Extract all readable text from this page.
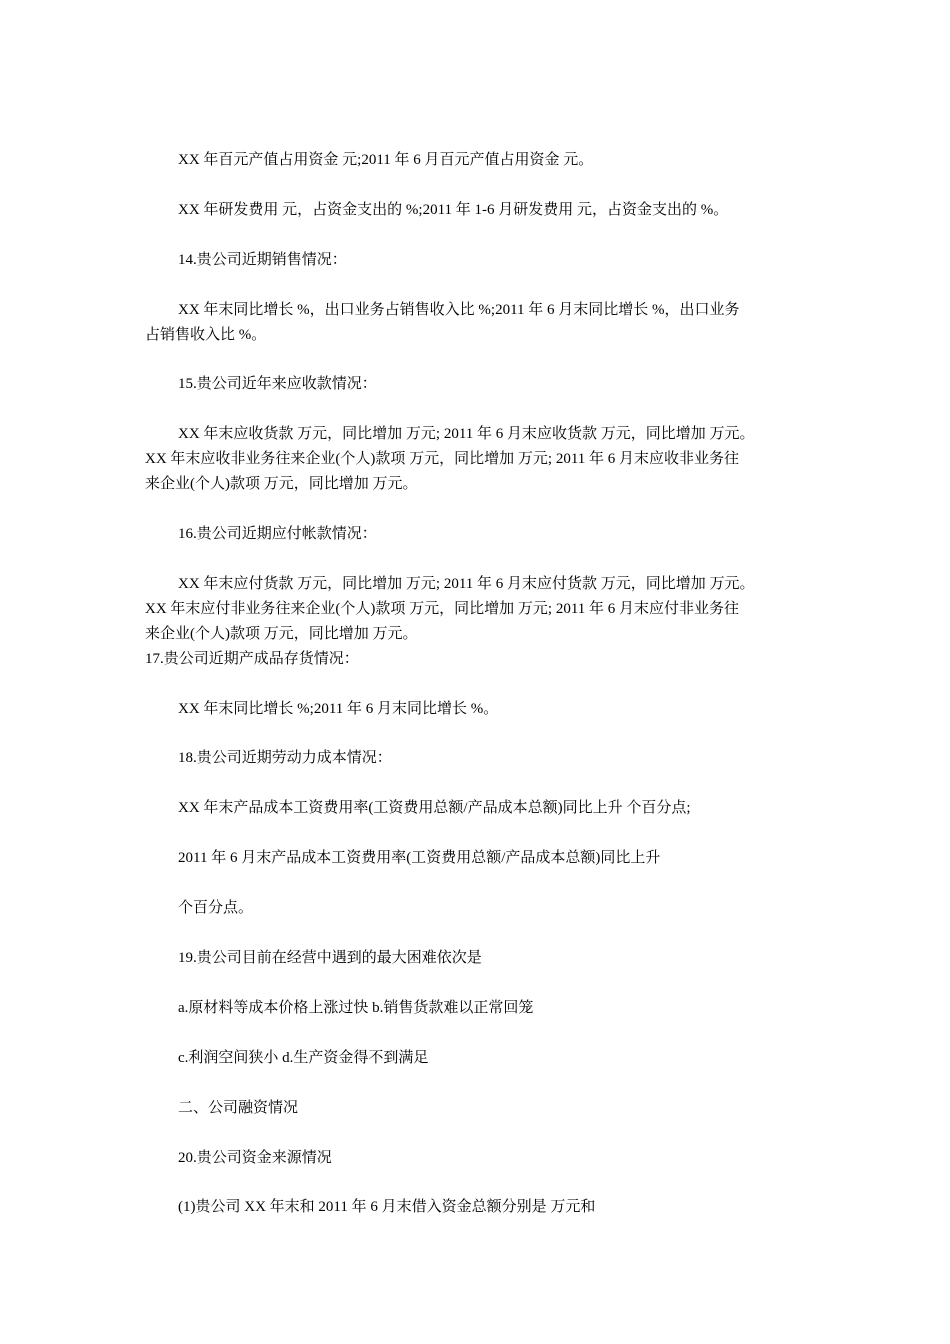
XX 年百元产值占用资金 元;2011 年 6 月百元产值占用资金 元。

XX 年研发费用 元，占资金支出的 %;2011 年 1-6 月研发费用 元，占资金支出的 %。

14.贵公司近期销售情况：

XX 年末同比增长 %，出口业务占销售收入比 %;2011 年 6 月末同比增长 %，出口业务

占销售收入比 %。

15.贵公司近年来应收款情况：

XX 年末应收货款 万元，同比增加 万元; 2011 年 6 月末应收货款 万元，同比增加 万元。

XX 年末应收非业务往来企业(个人)款项 万元，同比增加 万元; 2011 年 6 月末应收非业务往

来企业(个人)款项 万元，同比增加 万元。

16.贵公司近期应付帐款情况：

XX 年末应付货款 万元，同比增加 万元; 2011 年 6 月末应付货款 万元，同比增加 万元。

XX 年末应付非业务往来企业(个人)款项 万元，同比增加 万元; 2011 年 6 月末应付非业务往

来企业(个人)款项 万元，同比增加 万元。

17.贵公司近期产成品存货情况：

XX 年末同比增长 %;2011 年 6 月末同比增长 %。

18.贵公司近期劳动力成本情况：

XX 年末产品成本工资费用率(工资费用总额/产品成本总额)同比上升 个百分点;

2011 年 6 月末产品成本工资费用率(工资费用总额/产品成本总额)同比上升

个百分点。

19.贵公司目前在经营中遇到的最大困难依次是

a.原材料等成本价格上涨过快 b.销售货款难以正常回笼

c.利润空间狭小 d.生产资金得不到满足

二、公司融资情况

20.贵公司资金来源情况

(1)贵公司 XX 年末和 2011 年 6 月末借入资金总额分别是 万元和
